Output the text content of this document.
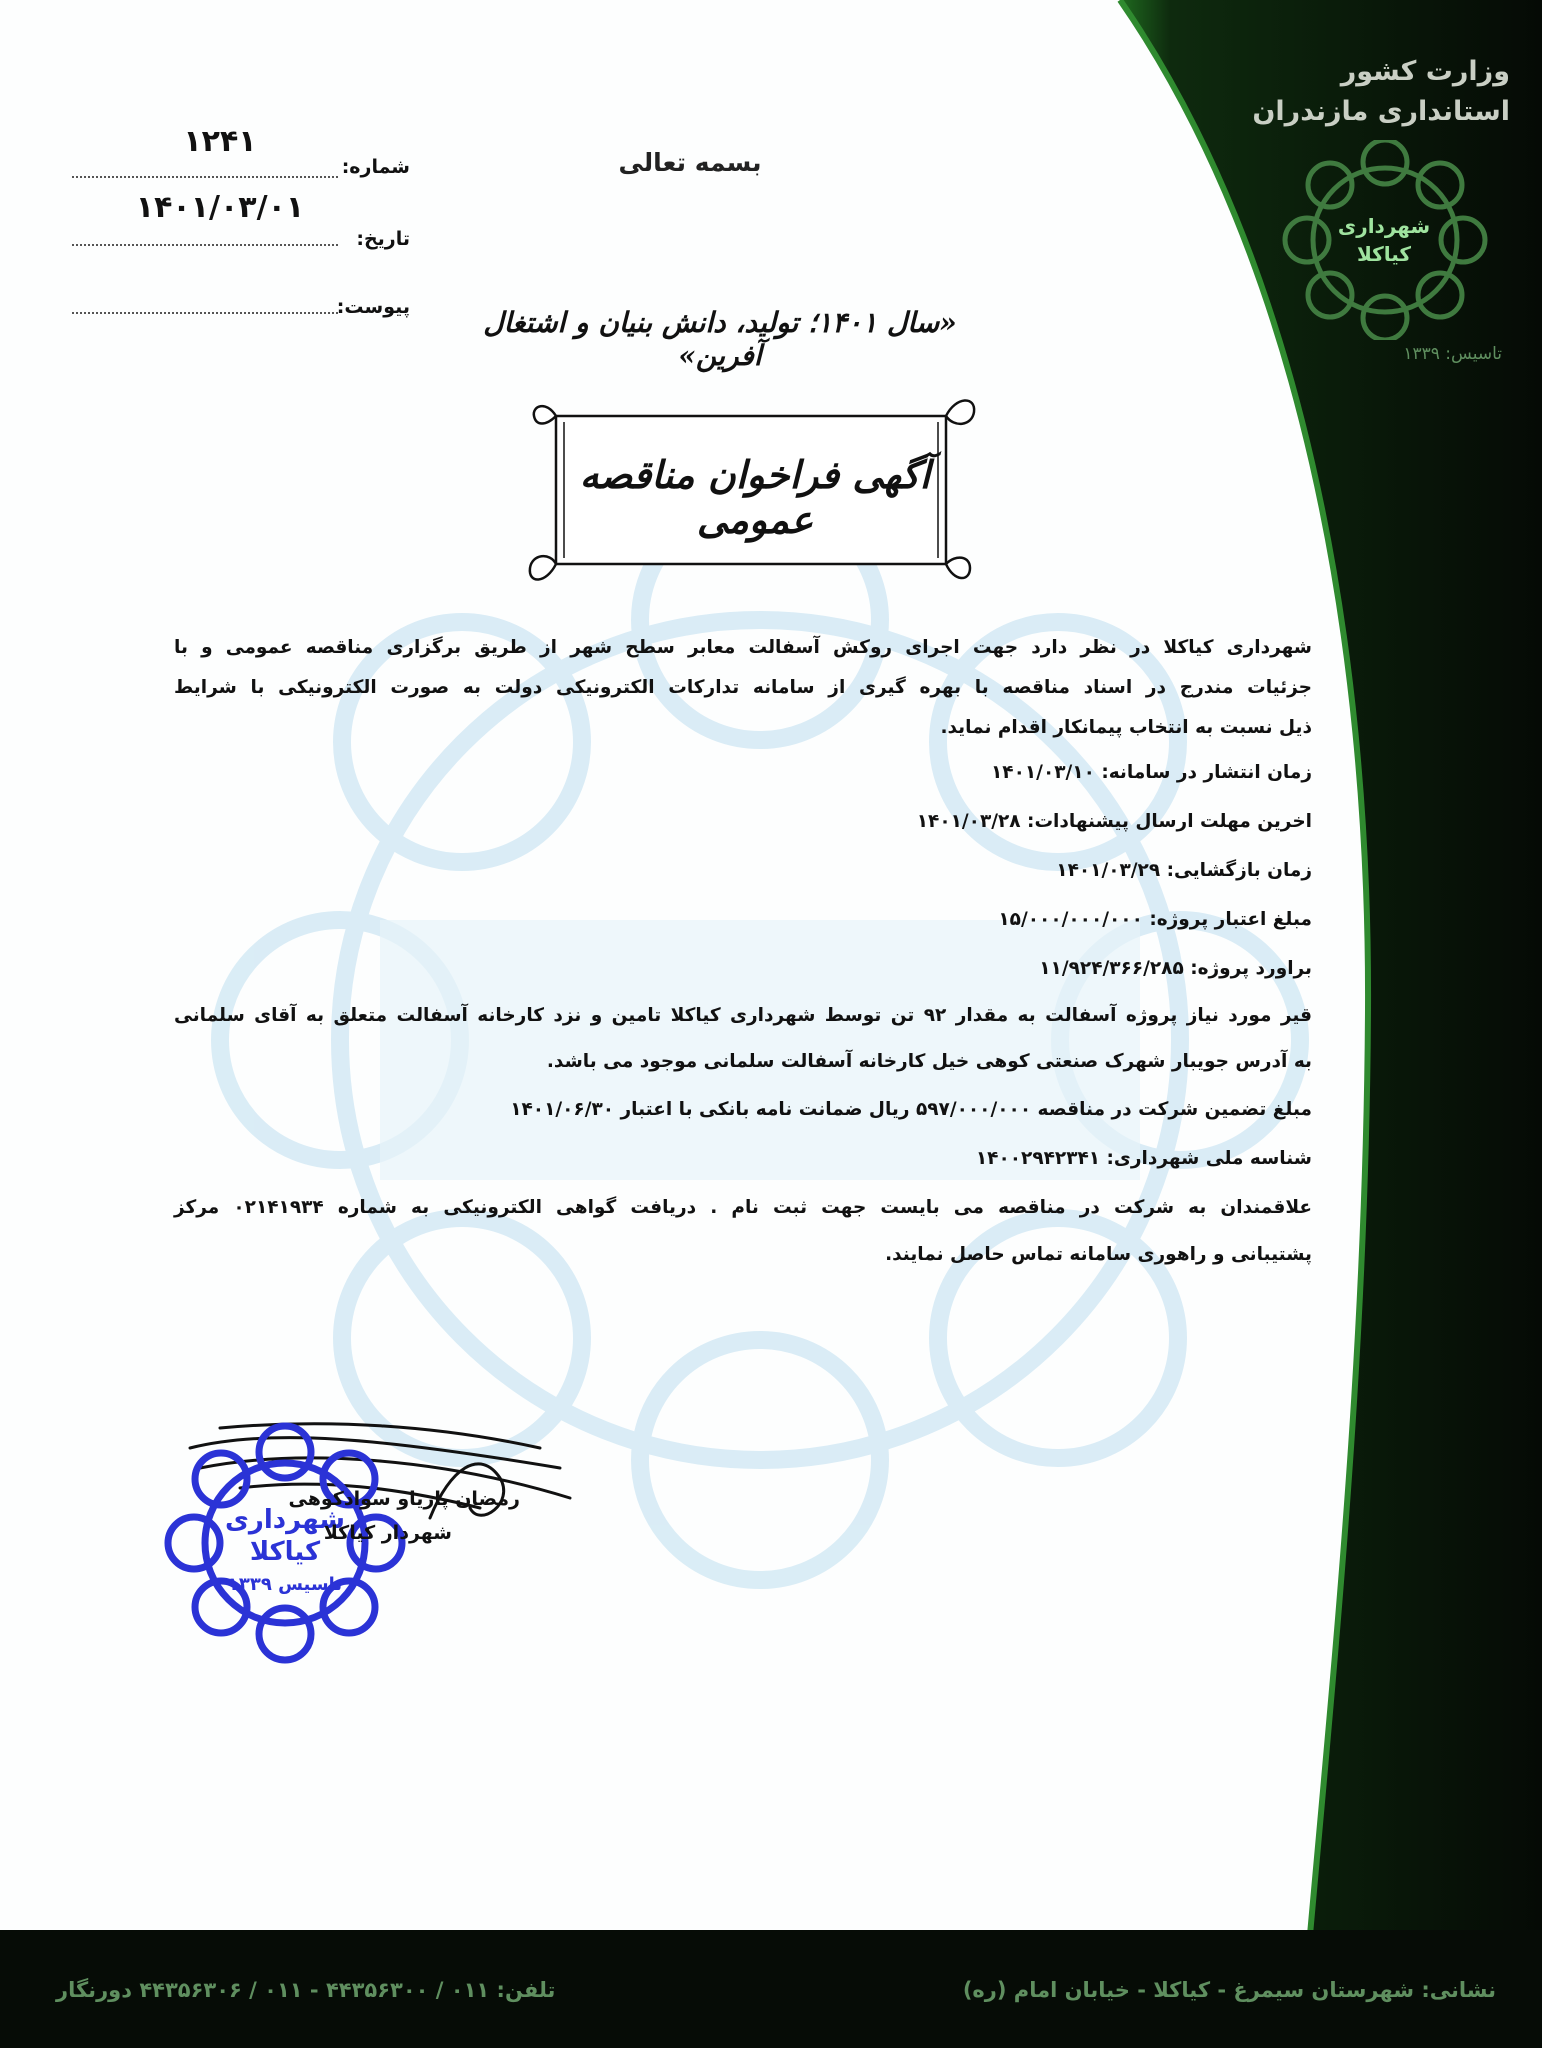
وزارت کشور
استانداری مازندران
شهرداری
کیاکلا
تاسیس: ۱۳۳۹
بسمه تعالی
شماره:
۱۲۴۱
تاریخ:
۱۴۰۱/۰۳/۰۱
پیوست:	«سال ۱۴۰۱؛ تولید، دانش بنیان و اشتغال آفرین»
آگهی فراخوان مناقصه عمومی
شهرداری کیاکلا در نظر دارد جهت اجرای روکش آسفالت معابر سطح شهر از طریق برگزاری مناقصه عمومی و با
جزئیات مندرج در اسناد مناقصه با بهره گیری از سامانه تدارکات الکترونیکی دولت به صورت الکترونیکی با شرایط
ذیل نسبت به انتخاب پیمانکار اقدام نماید.
زمان انتشار در سامانه: ۱۴۰۱/۰۳/۱۰
اخرین مهلت ارسال پیشنهادات: ۱۴۰۱/۰۳/۲۸
زمان بازگشایی: ۱۴۰۱/۰۳/۲۹
مبلغ اعتبار پروژه: ۱۵/۰۰۰/۰۰۰/۰۰۰
براورد پروژه: ۱۱/۹۲۴/۳۶۶/۲۸۵
قیر مورد نیاز پروژه آسفالت به مقدار ۹۲ تن توسط شهرداری کیاکلا تامین و نزد کارخانه آسفالت متعلق به آقای سلمانی
به آدرس جویبار شهرک صنعتی کوهی خیل کارخانه آسفالت سلمانی موجود می باشد.
مبلغ تضمین شرکت در مناقصه ۵۹۷/۰۰۰/۰۰۰ ریال ضمانت نامه بانکی با اعتبار ۱۴۰۱/۰۶/۳۰
شناسه ملی شهرداری: ۱۴۰۰۲۹۴۲۳۴۱
علاقمندان به شرکت در مناقصه می بایست جهت ثبت نام . دریافت گواهی الکترونیکی به شماره ۰۲۱۴۱۹۳۴ مرکز
پشتیبانی و راهوری سامانه تماس حاصل نمایند.
شهرداری
کیاکلا
تاسیس ۱۳۳۹
رمضان پاریاو سوادکوهی
شهردار کیاکلا
نشانی: شهرستان سیمرغ - کیاکلا - خیابان امام (ره)
تلفن: ۰۱۱ / ۴۴۳۵۶۳۰۰ - ۰۱۱ / ۴۴۳۵۶۳۰۶ دورنگار
